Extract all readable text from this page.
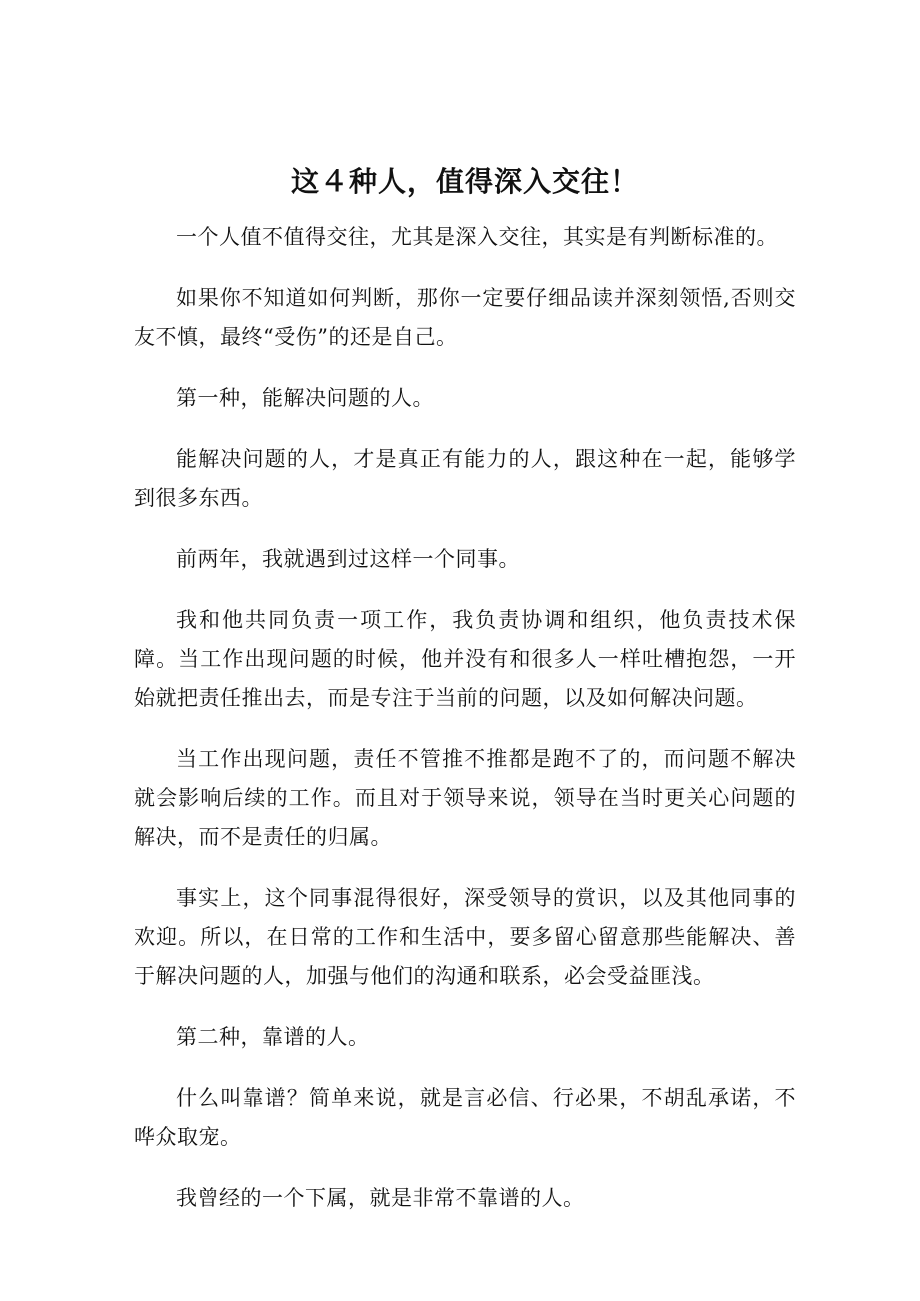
这４种人，值得深入交往！

一个人值不值得交往，尤其是深入交往，其实是有判断标准的。

如果你不知道如何判断，那你一定要仔细品读并深刻领悟,否则交友不慎，最终“受伤”的还是自己。

第一种，能解决问题的人。

能解决问题的人，才是真正有能力的人，跟这种在一起，能够学到很多东西。

前两年，我就遇到过这样一个同事。

我和他共同负责一项工作，我负责协调和组织，他负责技术保障。当工作出现问题的时候，他并没有和很多人一样吐槽抱怨，一开始就把责任推出去，而是专注于当前的问题，以及如何解决问题。

当工作出现问题，责任不管推不推都是跑不了的，而问题不解决就会影响后续的工作。而且对于领导来说，领导在当时更关心问题的解决，而不是责任的归属。

事实上，这个同事混得很好，深受领导的赏识，以及其他同事的欢迎。所以，在日常的工作和生活中，要多留心留意那些能解决、善于解决问题的人，加强与他们的沟通和联系，必会受益匪浅。

第二种，靠谱的人。

什么叫靠谱？简单来说，就是言必信、行必果，不胡乱承诺，不哗众取宠。

我曾经的一个下属，就是非常不靠谱的人。
